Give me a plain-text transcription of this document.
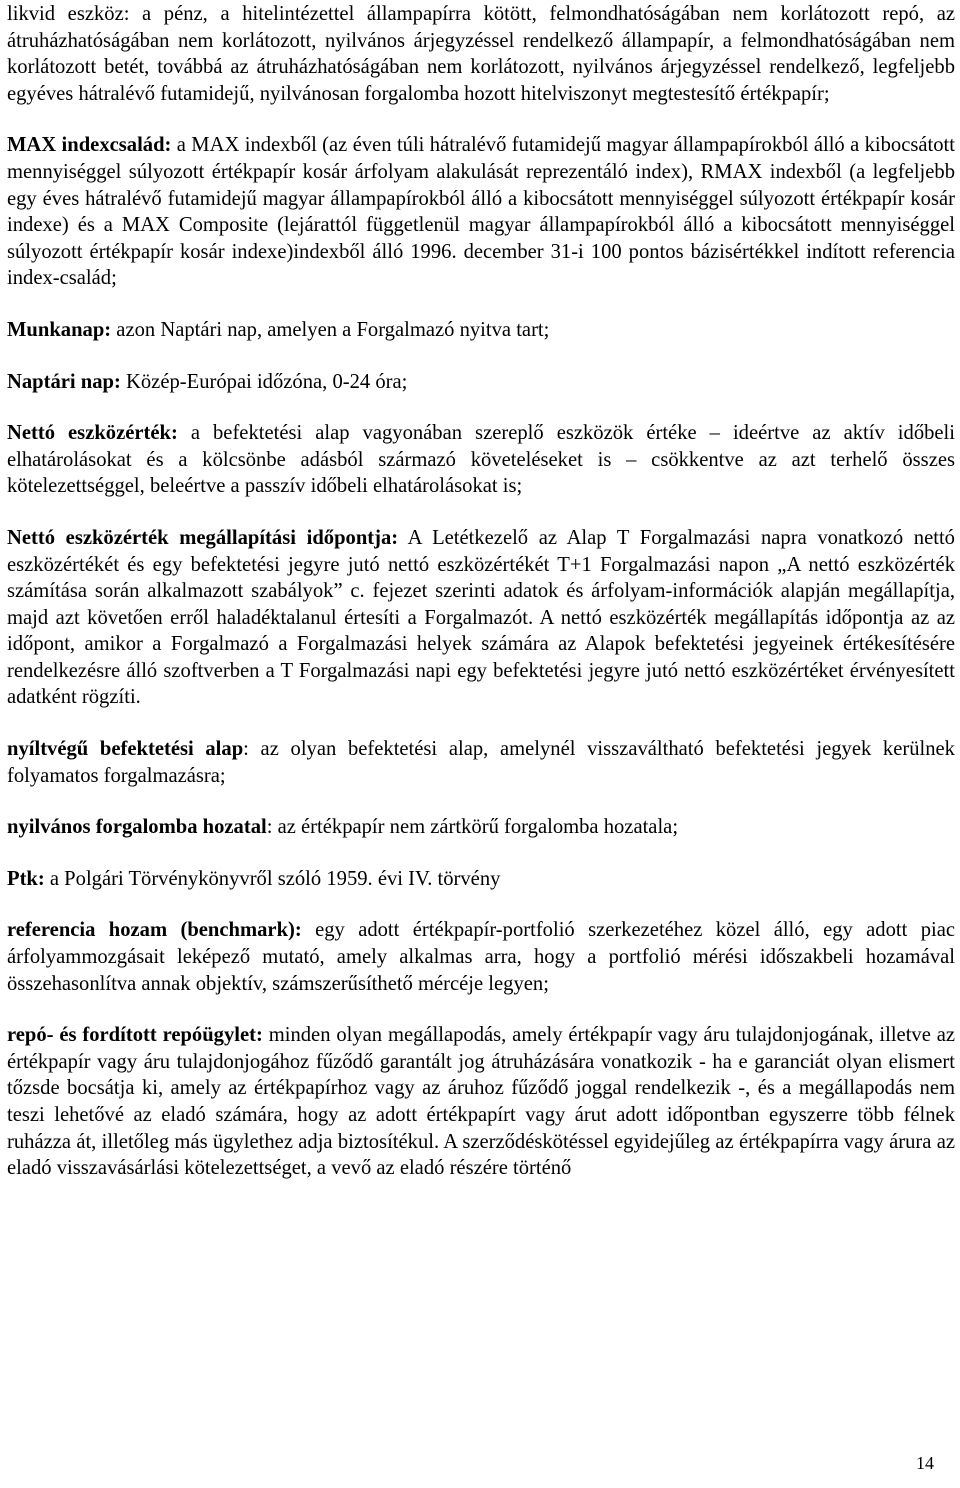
likvid eszköz: a pénz, a hitelintézettel állampapírra kötött, felmondhatóságában nem korlátozott repó, az átruházhatóságában nem korlátozott, nyilvános árjegyzéssel rendelkező állampapír, a felmondhatóságában nem korlátozott betét, továbbá az átruházhatóságában nem korlátozott, nyilvános árjegyzéssel rendelkező, legfeljebb egyéves hátralévő futamidejű, nyilvánosan forgalomba hozott hitelviszonyt megtestesítő értékpapír;

MAX indexcsalád: a MAX indexből (az éven túli hátralévő futamidejű magyar állampapírokból álló a kibocsátott mennyiséggel súlyozott értékpapír kosár árfolyam alakulását reprezentáló index), RMAX indexből (a legfeljebb egy éves hátralévő futamidejű magyar állampapírokból álló a kibocsátott mennyiséggel súlyozott értékpapír kosár indexe) és a MAX Composite (lejárattól függetlenül magyar állampapírokból álló a kibocsátott mennyiséggel súlyozott értékpapír kosár indexe)indexből álló 1996. december 31-i 100 pontos bázisértékkel indított referencia index-család;

Munkanap: azon Naptári nap, amelyen a Forgalmazó nyitva tart;

Naptári nap: Közép-Európai időzóna, 0-24 óra;

Nettó eszközérték: a befektetési alap vagyonában szereplő eszközök értéke – ideértve az aktív időbeli elhatárolásokat és a kölcsönbe adásból származó követeléseket is – csökkentve az azt terhelő összes kötelezettséggel, beleértve a passzív időbeli elhatárolásokat is;

Nettó eszközérték megállapítási időpontja: A Letétkezelő az Alap T Forgalmazási napra vonatkozó nettó eszközértékét és egy befektetési jegyre jutó nettó eszközértékét T+1 Forgalmazási napon „A nettó eszközérték számítása során alkalmazott szabályok” c. fejezet szerinti adatok és árfolyam-információk alapján megállapítja, majd azt követően erről haladéktalanul értesíti a Forgalmazót. A nettó eszközérték megállapítás időpontja az az időpont, amikor a Forgalmazó a Forgalmazási helyek számára az Alapok befektetési jegyeinek értékesítésére rendelkezésre álló szoftverben a T Forgalmazási napi egy befektetési jegyre jutó nettó eszközértéket érvényesített adatként rögzíti.

nyíltvégű befektetési alap: az olyan befektetési alap, amelynél visszaváltható befektetési jegyek kerülnek folyamatos forgalmazásra;

nyilvános forgalomba hozatal: az értékpapír nem zártkörű forgalomba hozatala;

Ptk: a Polgári Törvénykönyvről szóló 1959. évi IV. törvény

referencia hozam (benchmark): egy adott értékpapír-portfolió szerkezetéhez közel álló, egy adott piac árfolyammozgásait leképező mutató, amely alkalmas arra, hogy a portfolió mérési időszakbeli hozamával összehasonlítva annak objektív, számszerűsíthető mércéje legyen;

repó- és fordított repóügylet: minden olyan megállapodás, amely értékpapír vagy áru tulajdonjogának, illetve az értékpapír vagy áru tulajdonjogához fűződő garantált jog átruházására vonatkozik - ha e garanciát olyan elismert tőzsde bocsátja ki, amely az értékpapírhoz vagy az áruhoz fűződő joggal rendelkezik -, és a megállapodás nem teszi lehetővé az eladó számára, hogy az adott értékpapírt vagy árut adott időpontban egyszerre több félnek ruházza át, illetőleg más ügylethez adja biztosítékul. A szerződéskötéssel egyidejűleg az értékpapírra vagy árura az eladó visszavásárlási kötelezettséget, a vevő az eladó részére történő

14
